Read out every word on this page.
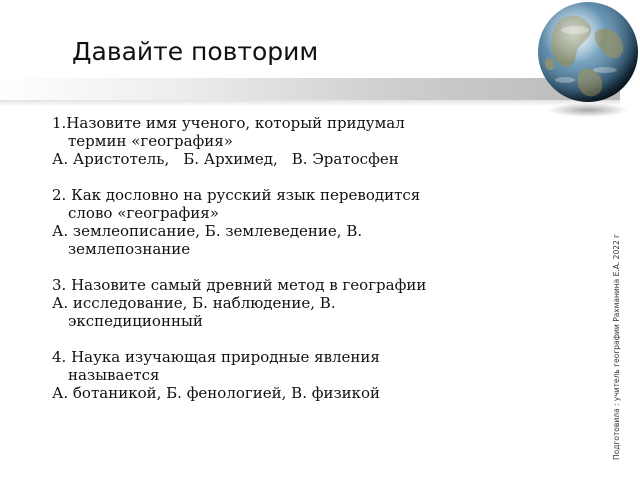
Давайте повторим
1.Назовите имя ученого, который придумал
термин «география»
А. Аристотель, Б. Архимед, В. Эратосфен
2. Как дословно на русский язык переводится
слово «география»
А. землеописание, Б. землеведение, В.
землепознание
3. Назовите самый древний метод в географии
А. исследование, Б. наблюдение, В.
экспедиционный
4. Наука изучающая природные явления
называется
А. ботаникой, Б. фенологией, В. физикой	Подготовила : учитель географии Рахманина Е.А. 2022 г
